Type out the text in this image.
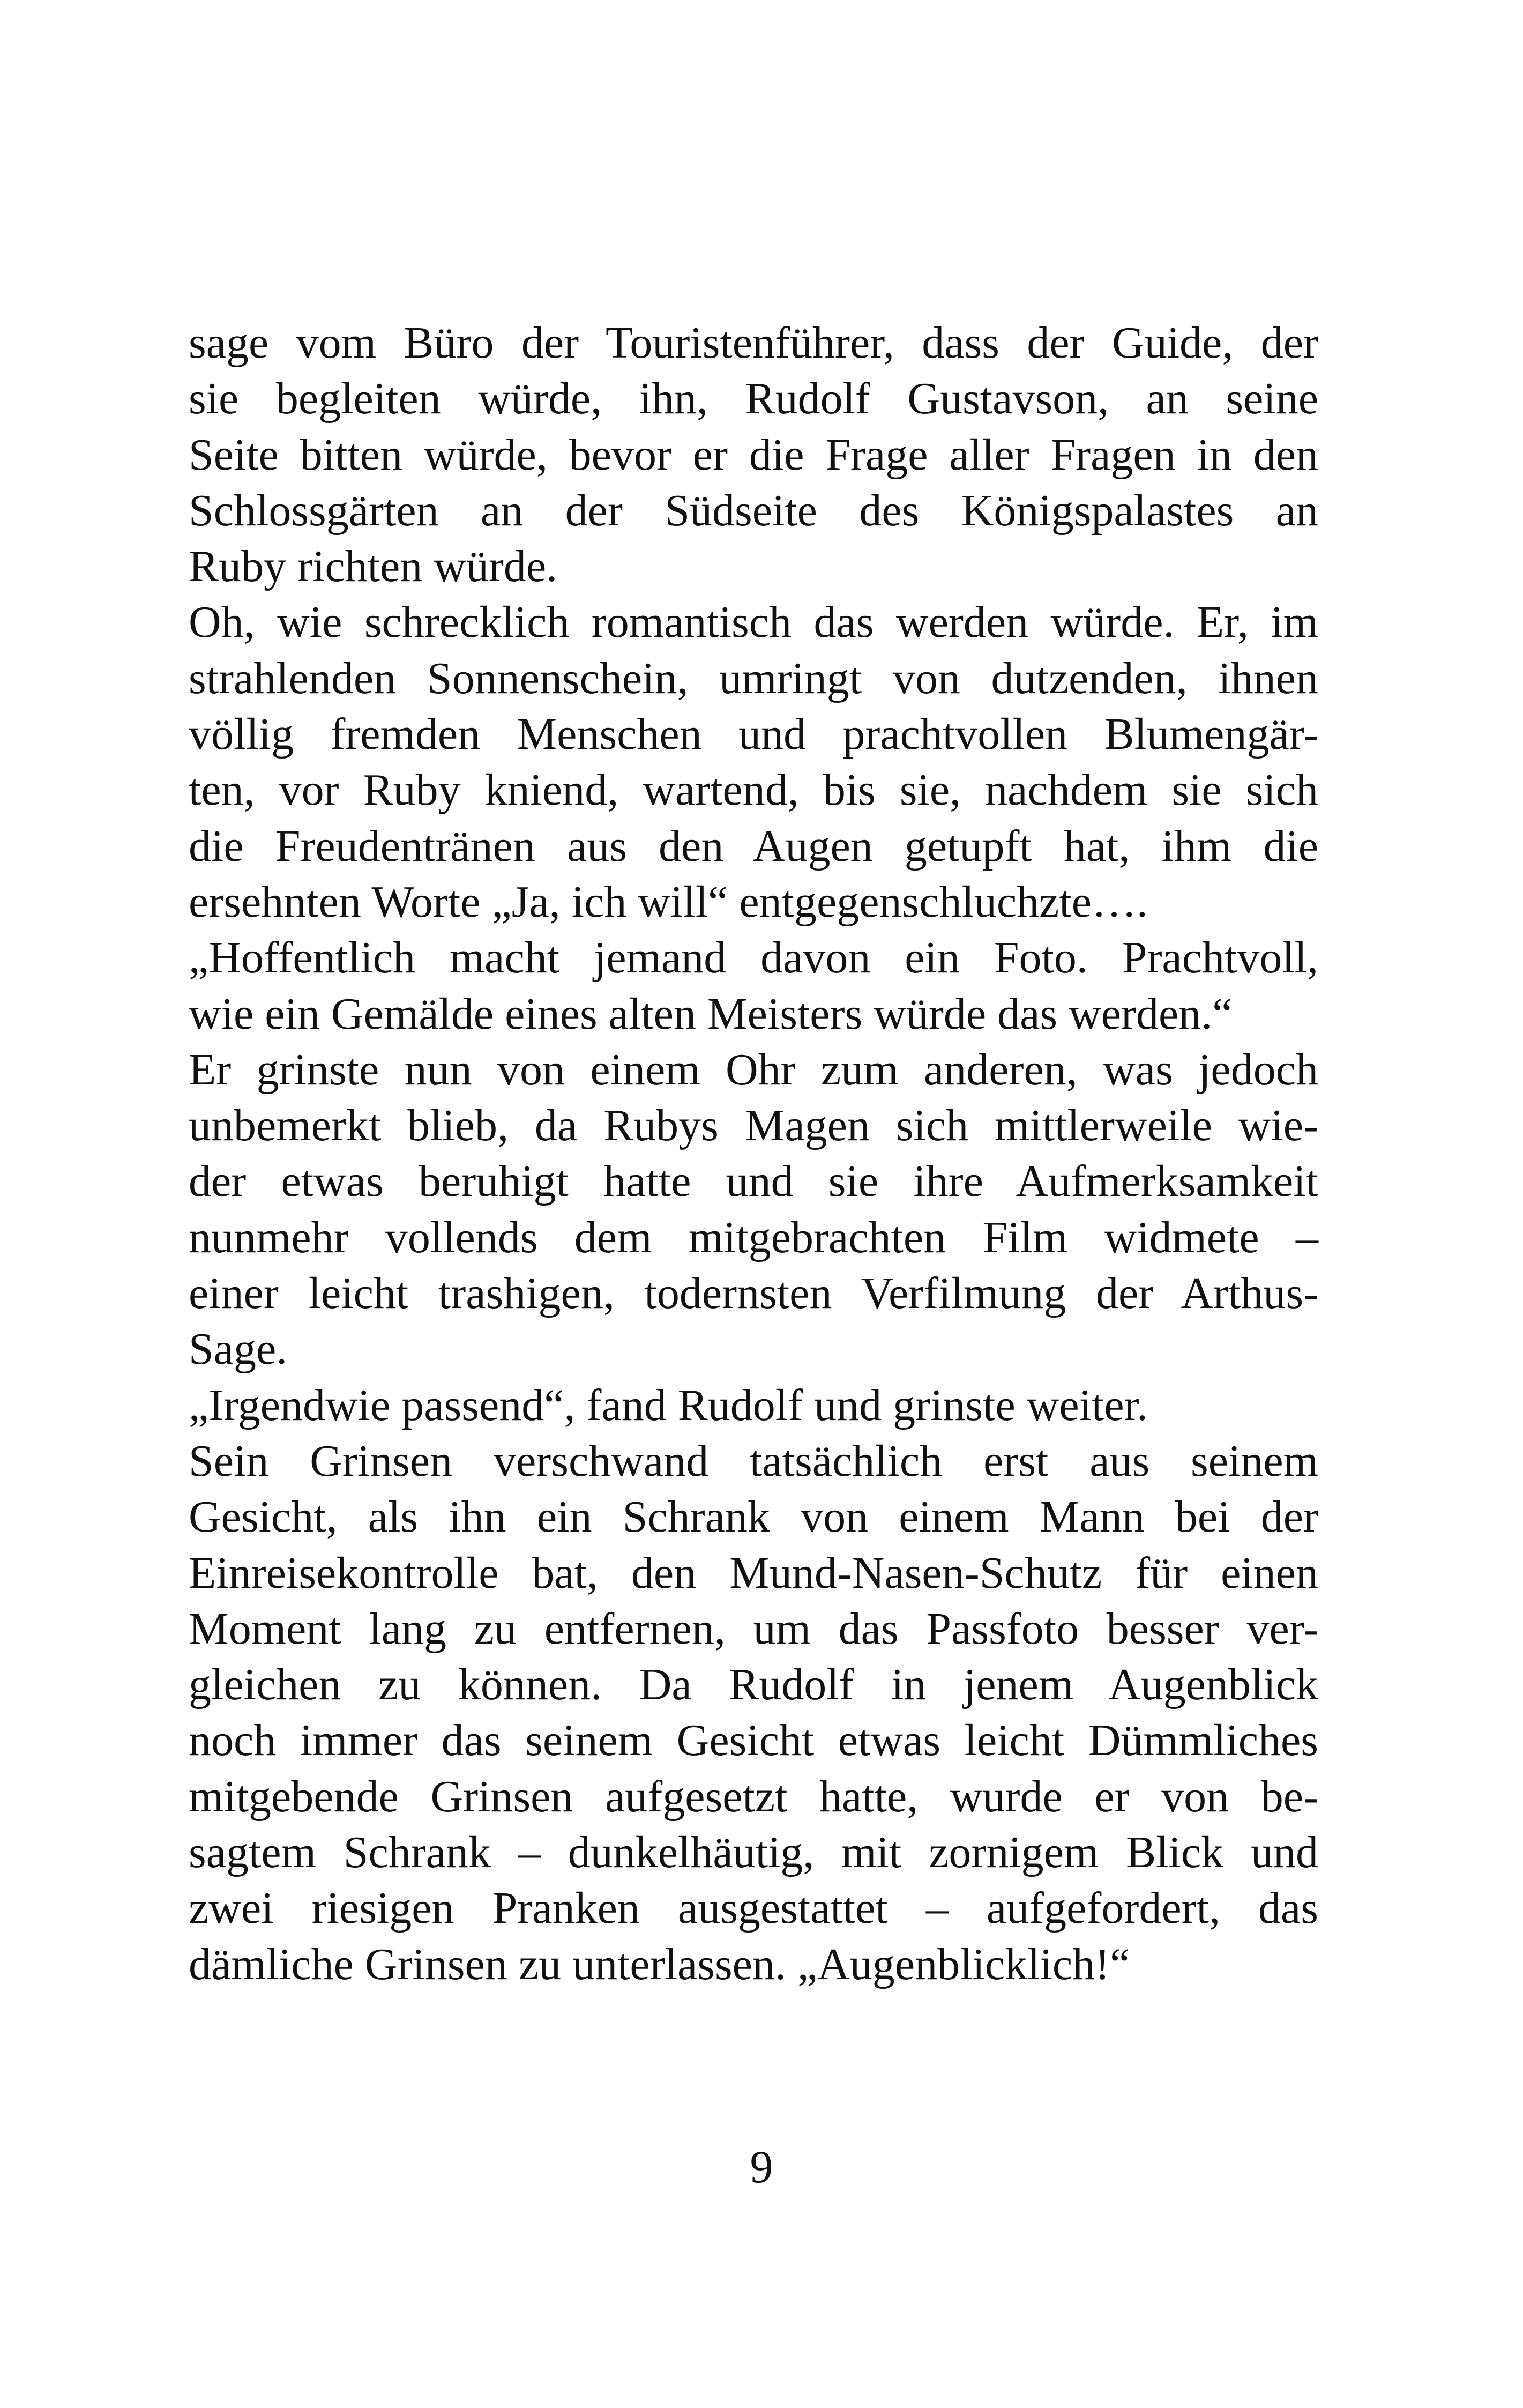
sage vom Büro der Touristenführer, dass der Guide, der
sie begleiten würde, ihn, Rudolf Gustavson, an seine
Seite bitten würde, bevor er die Frage aller Fragen in den
Schlossgärten an der Südseite des Königspalastes an
Ruby richten würde.
Oh, wie schrecklich romantisch das werden würde. Er, im
strahlenden Sonnenschein, umringt von dutzenden, ihnen
völlig fremden Menschen und prachtvollen Blumengär-
ten, vor Ruby kniend, wartend, bis sie, nachdem sie sich
die Freudentränen aus den Augen getupft hat, ihm die
ersehnten Worte „Ja, ich will“ entgegenschluchzte….
„Hoffentlich macht jemand davon ein Foto. Prachtvoll,
wie ein Gemälde eines alten Meisters würde das werden.“
Er grinste nun von einem Ohr zum anderen, was jedoch
unbemerkt blieb, da Rubys Magen sich mittlerweile wie-
der etwas beruhigt hatte und sie ihre Aufmerksamkeit
nunmehr vollends dem mitgebrachten Film widmete –
einer leicht trashigen, todernsten Verfilmung der Arthus-
Sage.
„Irgendwie passend“, fand Rudolf und grinste weiter.
Sein Grinsen verschwand tatsächlich erst aus seinem
Gesicht, als ihn ein Schrank von einem Mann bei der
Einreisekontrolle bat, den Mund-Nasen-Schutz für einen
Moment lang zu entfernen, um das Passfoto besser ver-
gleichen zu können. Da Rudolf in jenem Augenblick
noch immer das seinem Gesicht etwas leicht Dümmliches
mitgebende Grinsen aufgesetzt hatte, wurde er von be-
sagtem Schrank – dunkelhäutig, mit zornigem Blick und
zwei riesigen Pranken ausgestattet – aufgefordert, das
dämliche Grinsen zu unterlassen. „Augenblicklich!“
9
